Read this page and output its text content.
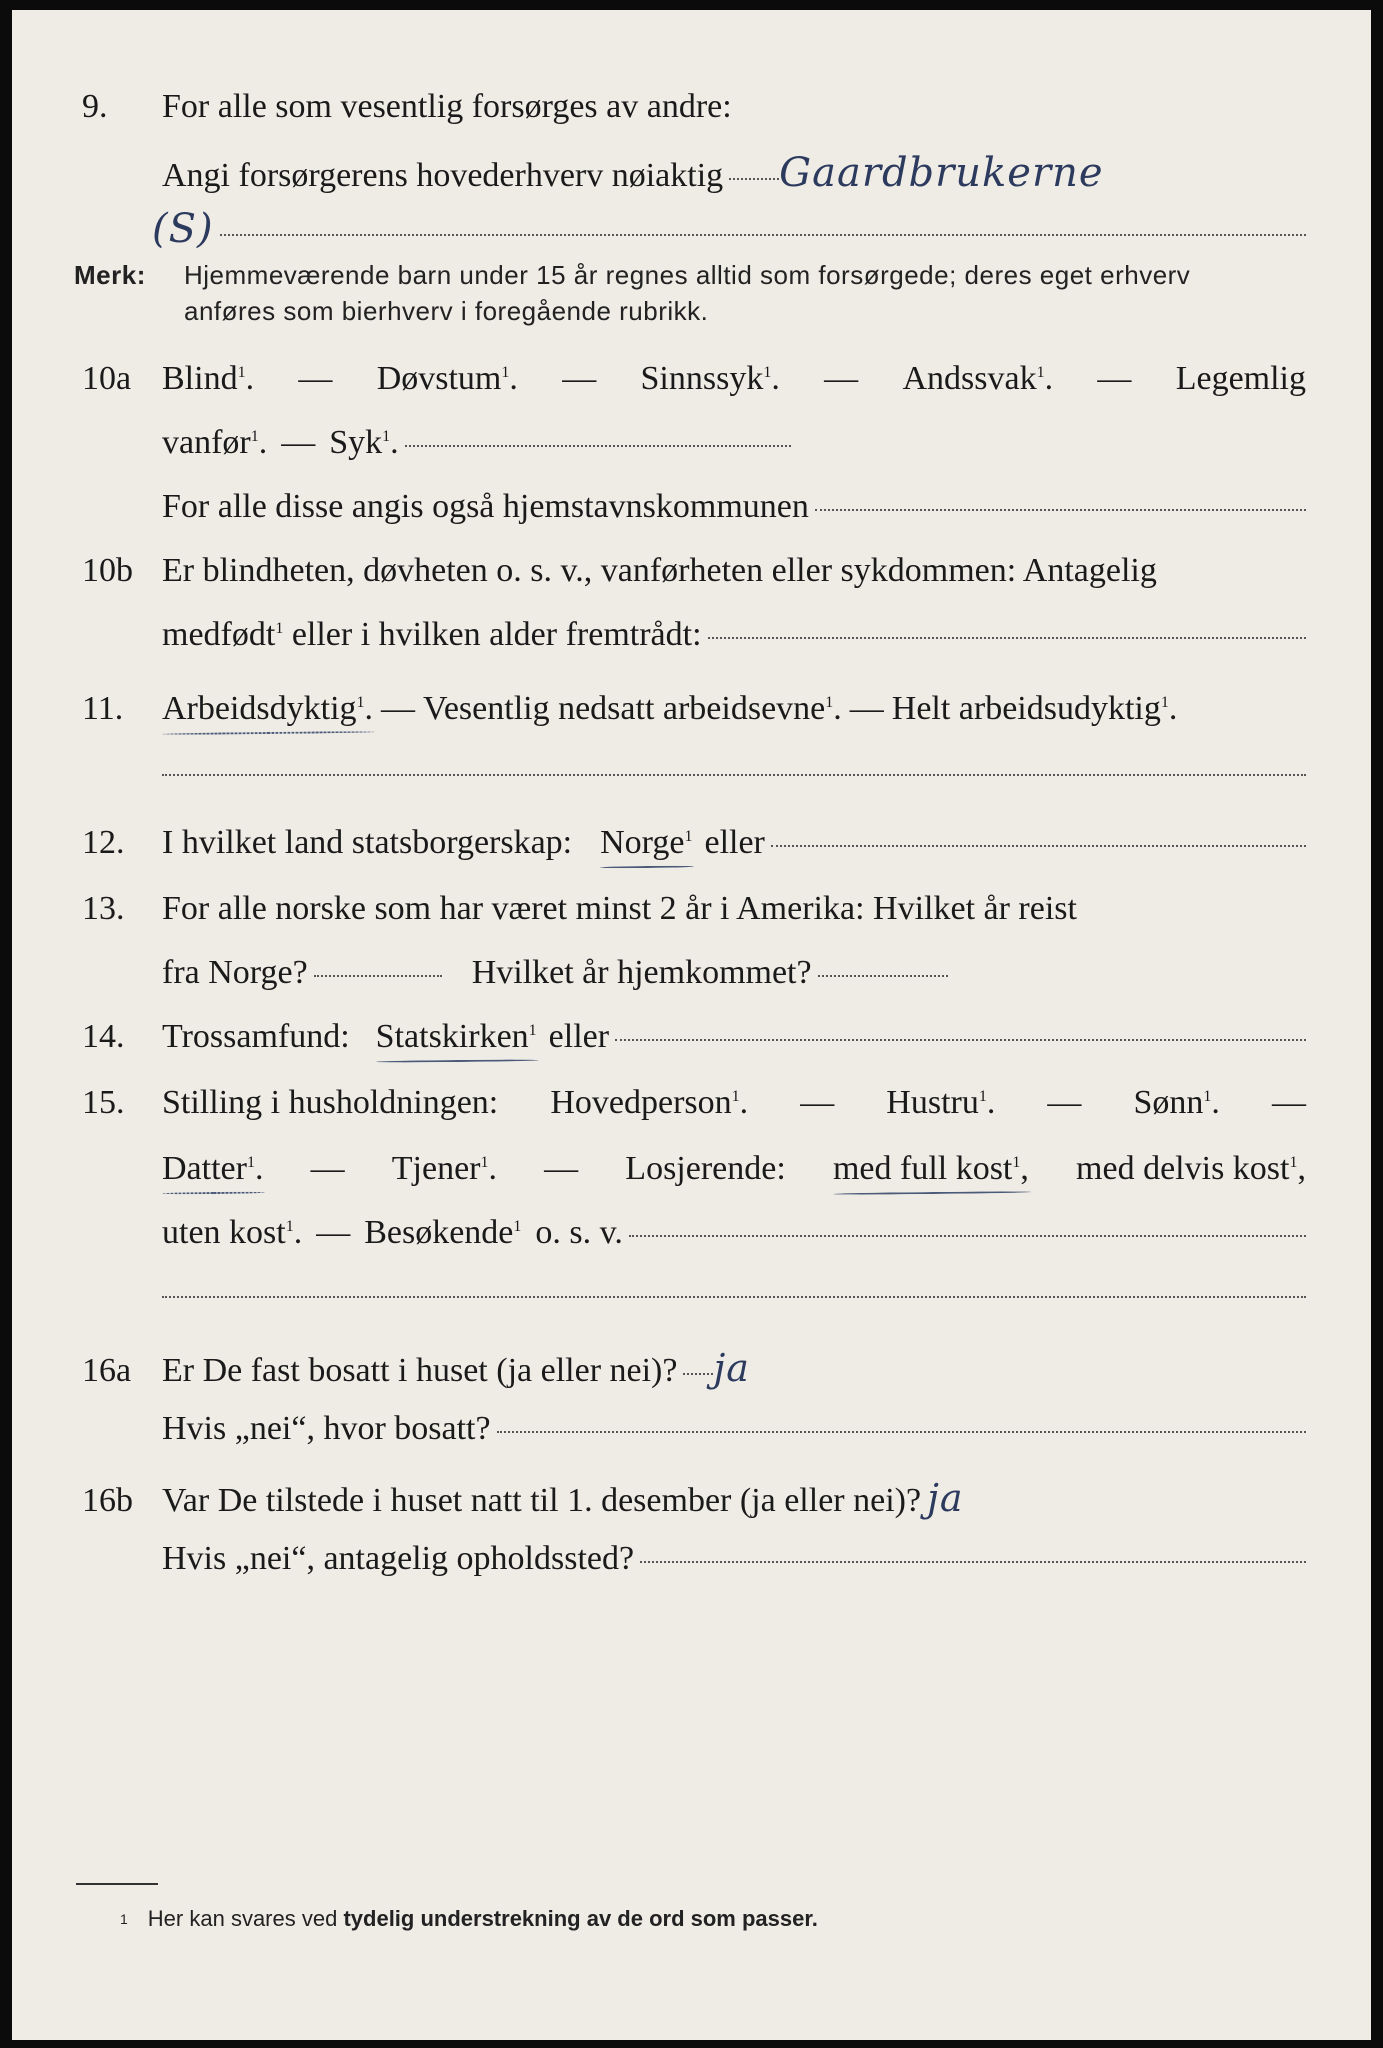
9.	For alle som vesentlig forsørges av andre:
Angi forsørgerens hovederhverv nøiaktig Gaardbrukerne
(S)
Merk: Hjemmeværende barn under 15 år regnes alltid som forsørgede; deres eget erhverv
anføres som bierhverv i foregående rubrikk.
10a Blind$^1$. — Døvstum$^1$. — Sinnssyk$^1$. — Andssvak$^1$. — Legemlig
vanfør$^1$. — Syk$^1$.
For alle disse angis også hjemstavnskommunen
10b Er blindheten, døvheten o. s. v., vanførheten eller sykdommen: Antagelig
medfødt$^1$ eller i hvilken alder fremtrådt:
11.	Arbeidsdyktig$^1$. — Vesentlig nedsatt arbeidsevne$^1$. — Helt arbeidsudyktig$^1$.
12.	I hvilket land statsborgerskap: Norge$^1$ eller
13.	For alle norske som har været minst 2 år i Amerika: Hvilket år reist
fra Norge?	Hvilket år hjemkommet?
14.	Trossamfund: Statskirken$^1$ eller
15.	Stilling i husholdningen: Hovedperson$^1$. — Hustru$^1$. — Sønn$^1$. —
Datter$^1$. — Tjener$^1$. — Losjerende: med full kost$^1$, med delvis kost$^1$,
uten kost$^1$. — Besøkende$^1$ o. s. v.
16a Er De fast bosatt i huset (ja eller nei)? ja
Hvis „nei“, hvor bosatt?
16b Var De tilstede i huset natt til 1. desember (ja eller nei)? ja
Hvis „nei“, antagelig opholdssted?
1 Her kan svares ved tydelig understrekning av de ord som passer.
